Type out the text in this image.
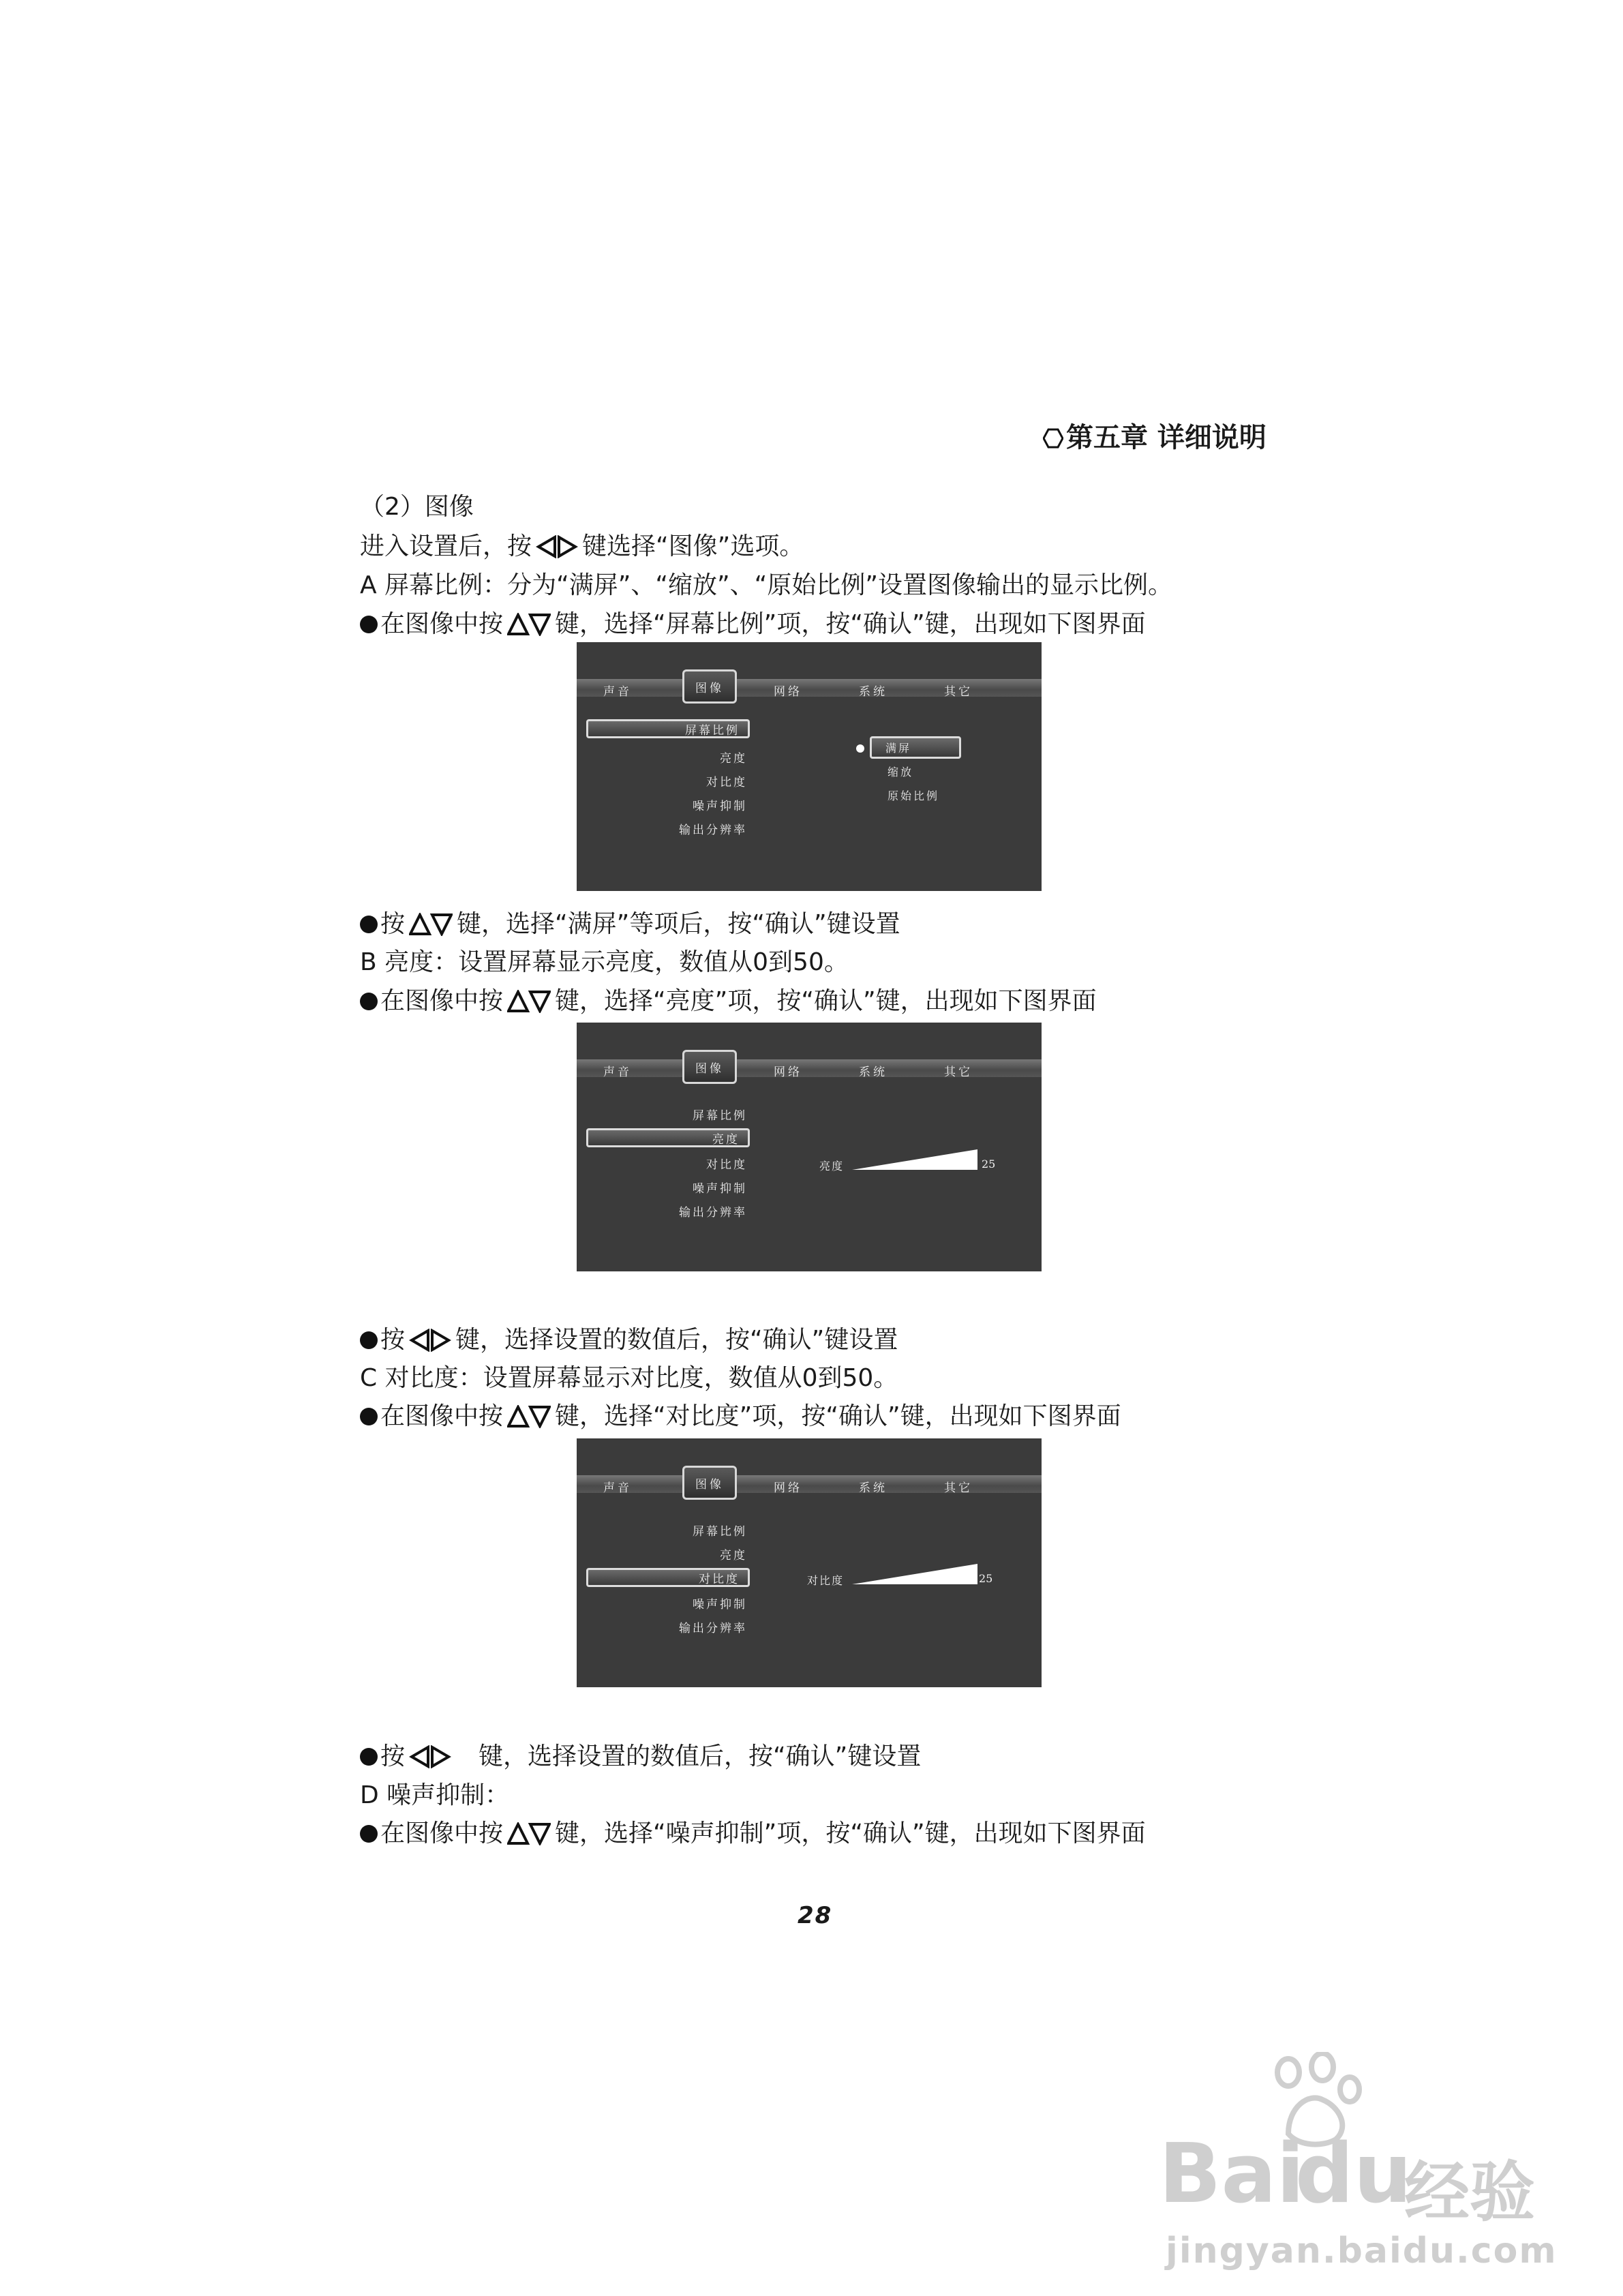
第五章 详细说明
（2）图像
进入设置后，按 键选择“图像”选项。
A 屏幕比例：分为“满屏”、“缩放”、“原始比例”设置图像输出的显示比例。
在图像中按 键，选择“屏幕比例”项，按“确认”键，出现如下图界面
声音	图像	网络	系统	其它
屏幕比例
亮度
对比度
噪声抑制
输出分辨率
满屏
缩放
原始比例
按 键，选择“满屏”等项后，按“确认”键设置
B 亮度：设置屏幕显示亮度，数值从0到50。
在图像中按 键，选择“亮度”项，按“确认”键，出现如下图界面
声音	图像	网络	系统	其它
屏幕比例
亮度
对比度
噪声抑制
输出分辨率
亮度	25
按 键，选择设置的数值后，按“确认”键设置
C 对比度：设置屏幕显示对比度，数值从0到50。
在图像中按 键，选择“对比度”项，按“确认”键，出现如下图界面
声音	图像	网络	系统	其它
屏幕比例
亮度
对比度
噪声抑制
输出分辨率
对比度	25
按	键，选择设置的数值后，按“确认”键设置
D 噪声抑制：
在图像中按 键，选择“噪声抑制”项，按“确认”键，出现如下图界面
28
Bai
du
经验
jingyan.baidu.com
